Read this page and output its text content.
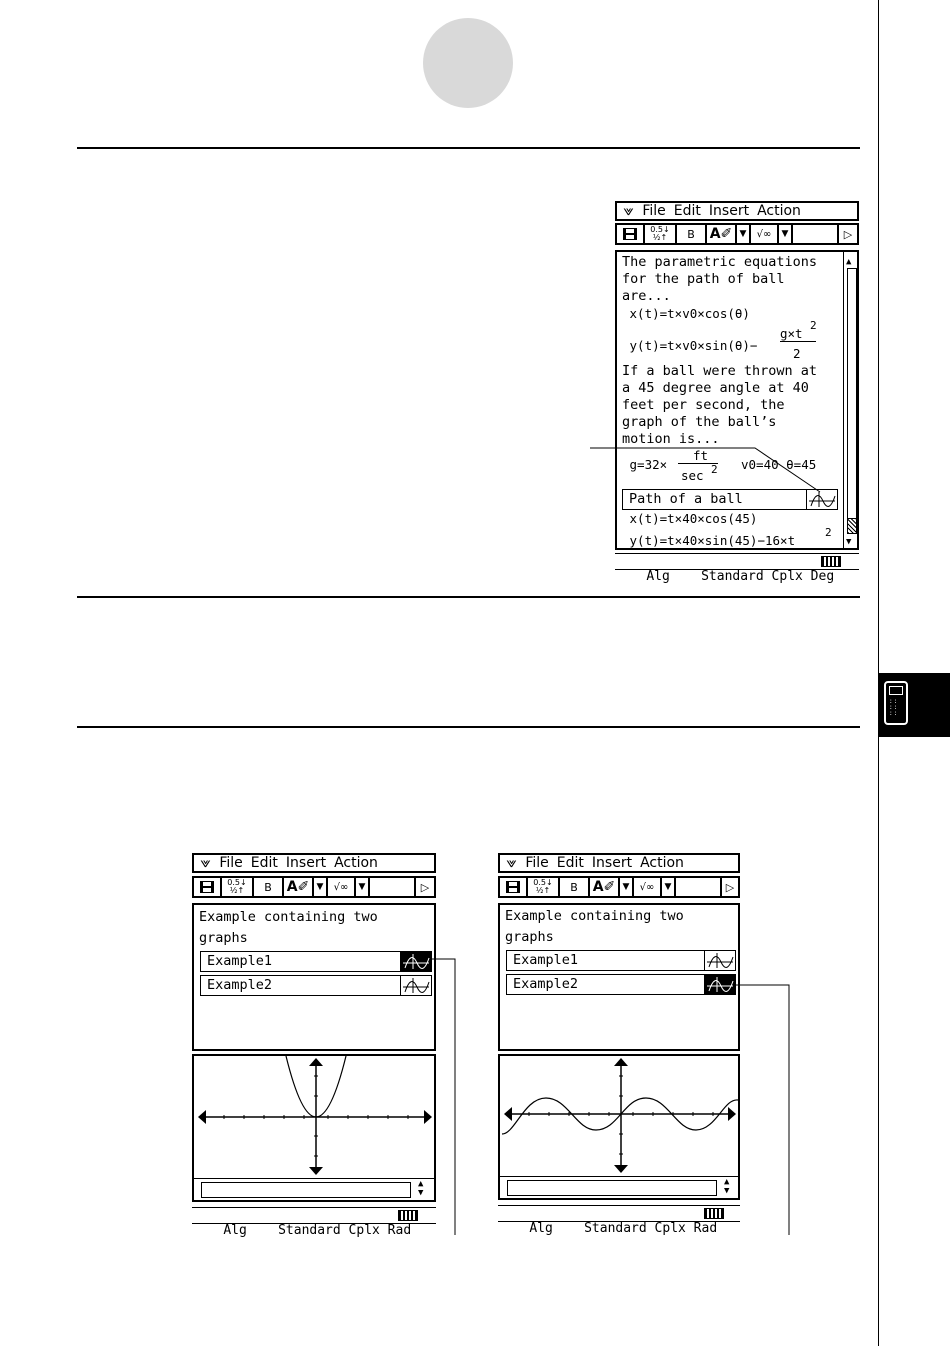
:: :: ::
⩔ File Edit Insert Action
0.5↓
½↑	B	A✐ ▼	√∞	▼	▷
The parametric equations
for the path of ball
are...
x(t)=t×v0×cos(θ)
y(t)=t×v0×sin(θ)−
g×t
2
2
If a ball were thrown at
a 45 degree angle at 40
feet per second, the
graph of the ball’s
motion is...
g=32×
ft
sec 2 v0=40 θ=45
Path of a ball
x(t)=t×40×cos(45)
y(t)=t×40×sin(45)−16×t
2
▲
▼

Alg    Standard Cplx Deg

⩔ File Edit Insert Action
0.5↓
½↑	B	A✐ ▼	√∞	▼	▷
Example containing two
graphs
Example1
Example2
▲
▼

Alg    Standard Cplx Rad

⩔ File Edit Insert Action
0.5↓
½↑	B	A✐ ▼	√∞	▼	▷
Example containing two
graphs
Example1
Example2
▲
▼

Alg    Standard Cplx Rad
